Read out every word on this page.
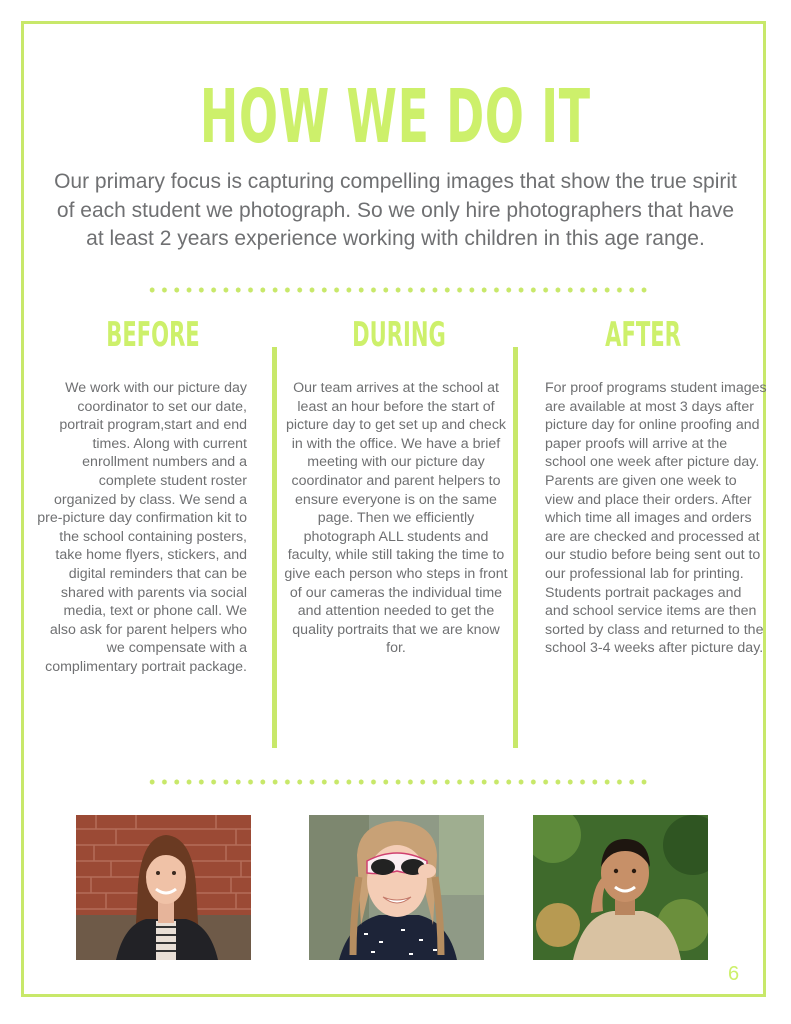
HOW WE DO IT
Our primary focus is capturing compelling images that show the true spirit of each student we photograph. So we only hire photographers that have at least 2 years experience working with children in this age range.
BEFORE	DURING	AFTER
We work with our picture day coordinator to set our date, portrait program,start and end times. Along with current enrollment numbers and a complete student roster organized by class. We send a pre-picture day confirmation kit to the school containing posters, take home flyers, stickers, and digital reminders that can be shared with parents via social media, text or phone call. We also ask for parent helpers who we compensate with a complimentary portrait package.
Our team arrives at the school at least an hour before the start of picture day to get set up and check in with the office. We have a brief meeting with our picture day coordinator and parent helpers to ensure everyone is on the same page. Then we efficiently photograph ALL students and faculty, while still taking the time to give each person who steps in front of our cameras the individual time and attention needed to get the quality portraits that we are know for.
For proof programs student images are available at most 3 days after picture day for online proofing and paper proofs will arrive at the school one week after picture day. Parents are given one week to view and place their orders. After which time all images and orders are are checked and processed at our studio before being sent out to our professional lab for printing. Students portrait packages and and school service items are then sorted by class and returned to the school 3-4 weeks after picture day.
6
